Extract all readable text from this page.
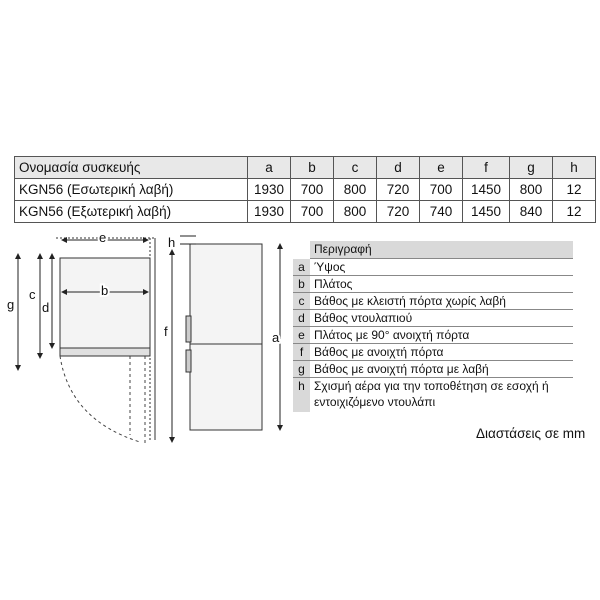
Ονομασία συσκευής	a	b	c	d	e	f	g	h
KGN56 (Εσωτερική λαβή)	1930	700	800	720	700	1450	800	12
KGN56 (Εξωτερική λαβή)	1930	700	800	720	740	1450	840	12
e
b
g
c
d
f
h
a
Περιγραφή
a Ύψος
b Πλάτος
c Βάθος με κλειστή πόρτα χωρίς λαβή
d Βάθος ντουλαπιού
e Πλάτος με 90° ανοιχτή πόρτα
f Βάθος με ανοιχτή πόρτα
g Βάθος με ανοιχτή πόρτα με λαβή
h Σχισμή αέρα για την τοποθέτηση σε εσοχή ή εντοιχιζόμενο ντουλάπι
Διαστάσεις σε mm
